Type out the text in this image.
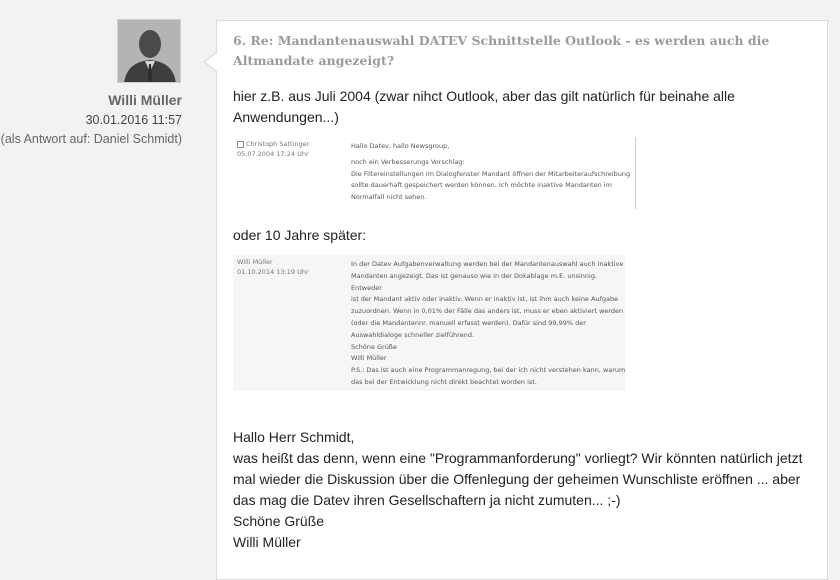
Willi Müller
30.01.2016 11:57
(als Antwort auf: Daniel Schmidt)
6. Re: Mandantenauswahl DATEV Schnittstelle Outlook - es werden auch die Altmandate angezeigt?
hier z.B. aus Juli 2004 (zwar nihct Outlook, aber das gilt natürlich für beinahe alle Anwendungen...)
Christoph Sattinger
05.07.2004 17:24 Uhr
Hallo Datev, hallo Newsgroup,
noch ein Verbesserungs Vorschlag:
Die Filtereinstellungen im Dialogfenster Mandant öffnen der Mitarbeiteraufschreibung
sollte dauerhaft gespeichert werden können. Ich möchte inaktive Mandanten im
Normalfall nicht sehen.
oder 10 Jahre später:
Willi Müller
01.10.2014 13:19 Uhr
In der Datev Aufgabenverwaltung werden bei der Mandantenauswahl auch inaktive
Mandanten angezeigt. Das ist genauso wie in der Dokablage m.E. unsinnig. Entweder
ist der Mandant aktiv oder inaktiv. Wenn er inaktiv ist, ist ihm auch keine Aufgabe
zuzuordnen. Wenn in 0,01% der Fälle das anders ist, muss er eben aktiviert werden
(oder die Mandantennr. manuell erfasst werden). Dafür sind 99,99% der
Auswahldialoge schneller zielführend.
Schöne Grüße
Willi Müller
P.S.: Das ist auch eine Programmanregung, bei der ich nicht verstehen kann, warum
das bei der Entwicklung nicht direkt beachtet worden ist.
Hallo Herr Schmidt,
was heißt das denn, wenn eine "Programmanforderung" vorliegt? Wir könnten natürlich jetzt mal wieder die Diskussion über die Offenlegung der geheimen Wunschliste eröffnen ... aber das mag die Datev ihren Gesellschaftern ja nicht zumuten... ;-)
Schöne Grüße
Willi Müller
